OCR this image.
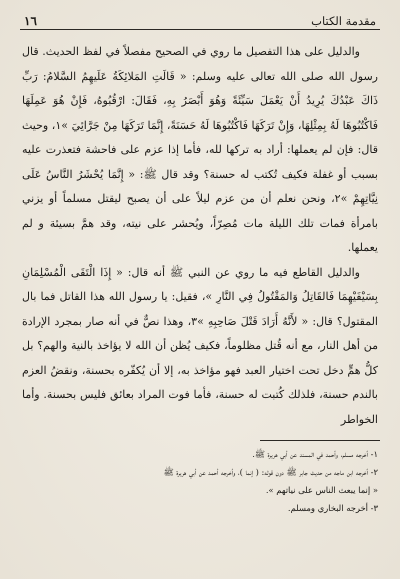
مقدمة الكتاب
١٦

والدليل على هذا التفصيل ما روي في الصحيح مفصلاً في لفظ الحديث. قال رسول الله صلى الله تعالى عليه وسلم: « قَالَتِ المَلائِكَةُ عَلَيهِمُ السَّلامُ: رَبِّ ذَاكَ عَبْدُكَ يُرِيدُ أَنْ يَعْمَلَ سَيِّئَةً وَهُوَ أَبْصَرُ بِهِ، فَقَالَ: ارْقُبُوهُ، فَإِنْ هُوَ عَمِلَهَا فَاكْتُبُوهَا لَهُ بِمِثْلِهَا، وَإِنْ تَرَكَهَا فَاكْتُبُوهَا لَهُ حَسَنَةً، إِنَّمَا تَرَكَهَا مِنْ جَرَّائِيَ »١، وحيث قال: فإن لم يعملها: أراد به تركها لله، فأما إذا عزم على فاحشة فتعذرت عليه بسبب أو غفلة فكيف تُكتب له حسنة؟ وقد قال ﷺ: « إِنَّمَا يُحْشَرُ النَّاسُ عَلَى نِيَّاتِهِمْ »٢، ونحن نعلم أن من عزم ليلاً على أن يصبح ليقتل مسلماً أو يزني بامرأة فمات تلك الليلة مات مُصِرّاً، ويُحشر على نيته، وقد همَّ بسيئة و لم يعملها.

والدليل القاطع فيه ما روي عن النبي ﷺ أنه قال: « إِذَا الْتَقَى الْمُسْلِمَانِ بِسَيْفَيْهِمَا فَالقَاتِلُ وَالمَقْتُولُ فِي النَّارِ »، فقيل: يا رسول الله هذا القاتل فما بال المقتول؟ قال: « لأَنَّهُ أَرَادَ قَتْلَ صَاحِبِهِ »٣، وهذا نصٌّ في أنه صار بمجرد الإرادة من أهل النار، مع أنه قُتل مظلوماً، فكيف يُظن أن الله لا يؤاخذ بالنية والهم؟ بل كلُّ همٍّ دخل تحت اختيار العبد فهو مؤاخذ به، إلا أن يُكفّره بحسنة، ونقضُ العزم بالندم حسنة، فلذلك كُتبت له حسنة، فأما فوت المراد بعائق فليس بحسنة. وأما الخواطر

١- أخرجه مسلم، وأحمد في المسند عن أبي هريرة ﷺ.
٢- أخرجه ابن ماجه من حديث جابر ﷺ دون قوله: ( إنما )، وأخرجه أحمد عن أبي هريرة ﷺ
« إنما يبعث الناس على نياتهم ».
٣- أخرجه البخاري ومسلم.
